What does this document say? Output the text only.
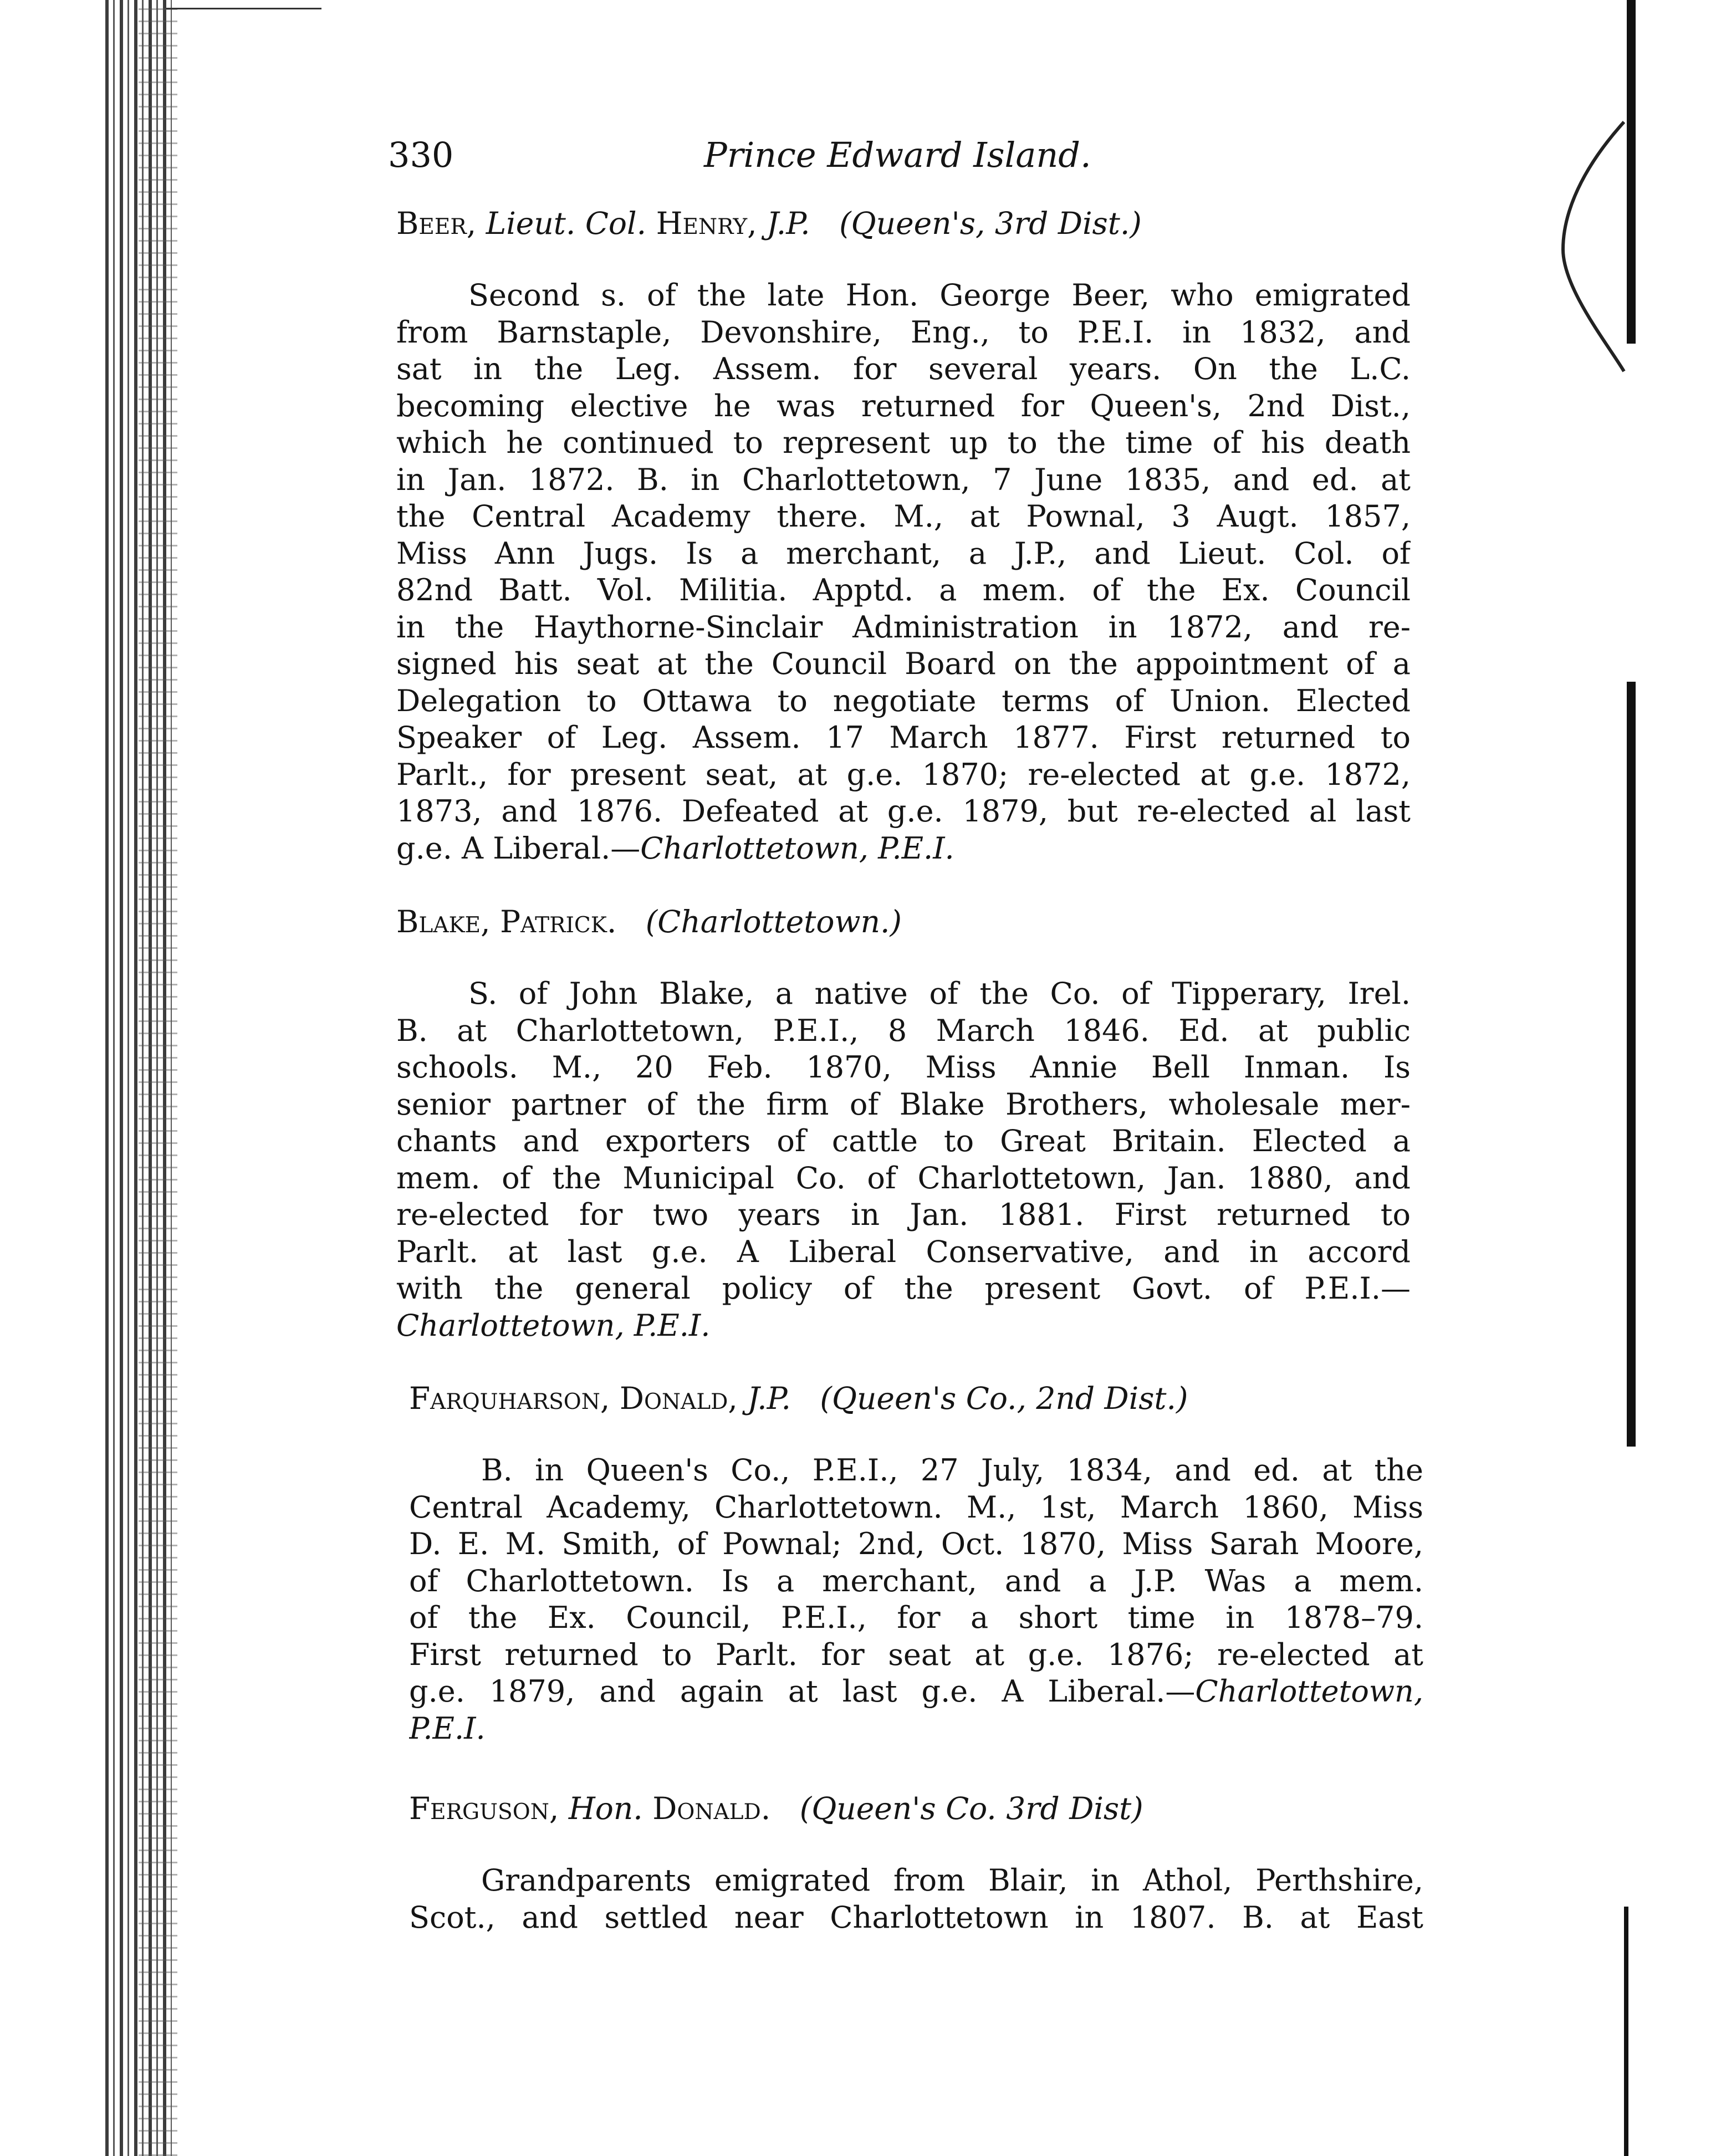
330	Prince Edward Island.
Beer, Lieut. Col. Henry, J.P. (Queen's, 3rd Dist.)
Second s. of the late Hon. George Beer, who emigrated
from Barnstaple, Devonshire, Eng., to P.E.I. in 1832, and
sat in the Leg. Assem. for several years. On the L.C.
becoming elective he was returned for Queen's, 2nd Dist.,
which he continued to represent up to the time of his death
in Jan. 1872. B. in Charlottetown, 7 June 1835, and ed. at
the Central Academy there. M., at Pownal, 3 Augt. 1857,
Miss Ann Jugs. Is a merchant, a J.P., and Lieut. Col. of
82nd Batt. Vol. Militia. Apptd. a mem. of the Ex. Council
in the Haythorne-Sinclair Administration in 1872, and re-
signed his seat at the Council Board on the appointment of a
Delegation to Ottawa to negotiate terms of Union. Elected
Speaker of Leg. Assem. 17 March 1877. First returned to
Parlt., for present seat, at g.e. 1870; re-elected at g.e. 1872,
1873, and 1876. Defeated at g.e. 1879, but re-elected al last
g.e. A Liberal.—Charlottetown, P.E.I.
Blake, Patrick. (Charlottetown.)
S. of John Blake, a native of the Co. of Tipperary, Irel.
B. at Charlottetown, P.E.I., 8 March 1846. Ed. at public
schools. M., 20 Feb. 1870, Miss Annie Bell Inman. Is
senior partner of the firm of Blake Brothers, wholesale mer-
chants and exporters of cattle to Great Britain. Elected a
mem. of the Municipal Co. of Charlottetown, Jan. 1880, and
re-elected for two years in Jan. 1881. First returned to
Parlt. at last g.e. A Liberal Conservative, and in accord
with the general policy of the present Govt. of P.E.I.—
Charlottetown, P.E.I.
Farquharson, Donald, J.P. (Queen's Co., 2nd Dist.)
B. in Queen's Co., P.E.I., 27 July, 1834, and ed. at the
Central Academy, Charlottetown. M., 1st, March 1860, Miss
D. E. M. Smith, of Pownal; 2nd, Oct. 1870, Miss Sarah Moore,
of Charlottetown. Is a merchant, and a J.P. Was a mem.
of the Ex. Council, P.E.I., for a short time in 1878–79.
First returned to Parlt. for seat at g.e. 1876; re-elected at
g.e. 1879, and again at last g.e. A Liberal.—Charlottetown,
P.E.I.
Ferguson, Hon. Donald. (Queen's Co. 3rd Dist)
Grandparents emigrated from Blair, in Athol, Perthshire,
Scot., and settled near Charlottetown in 1807. B. at East
